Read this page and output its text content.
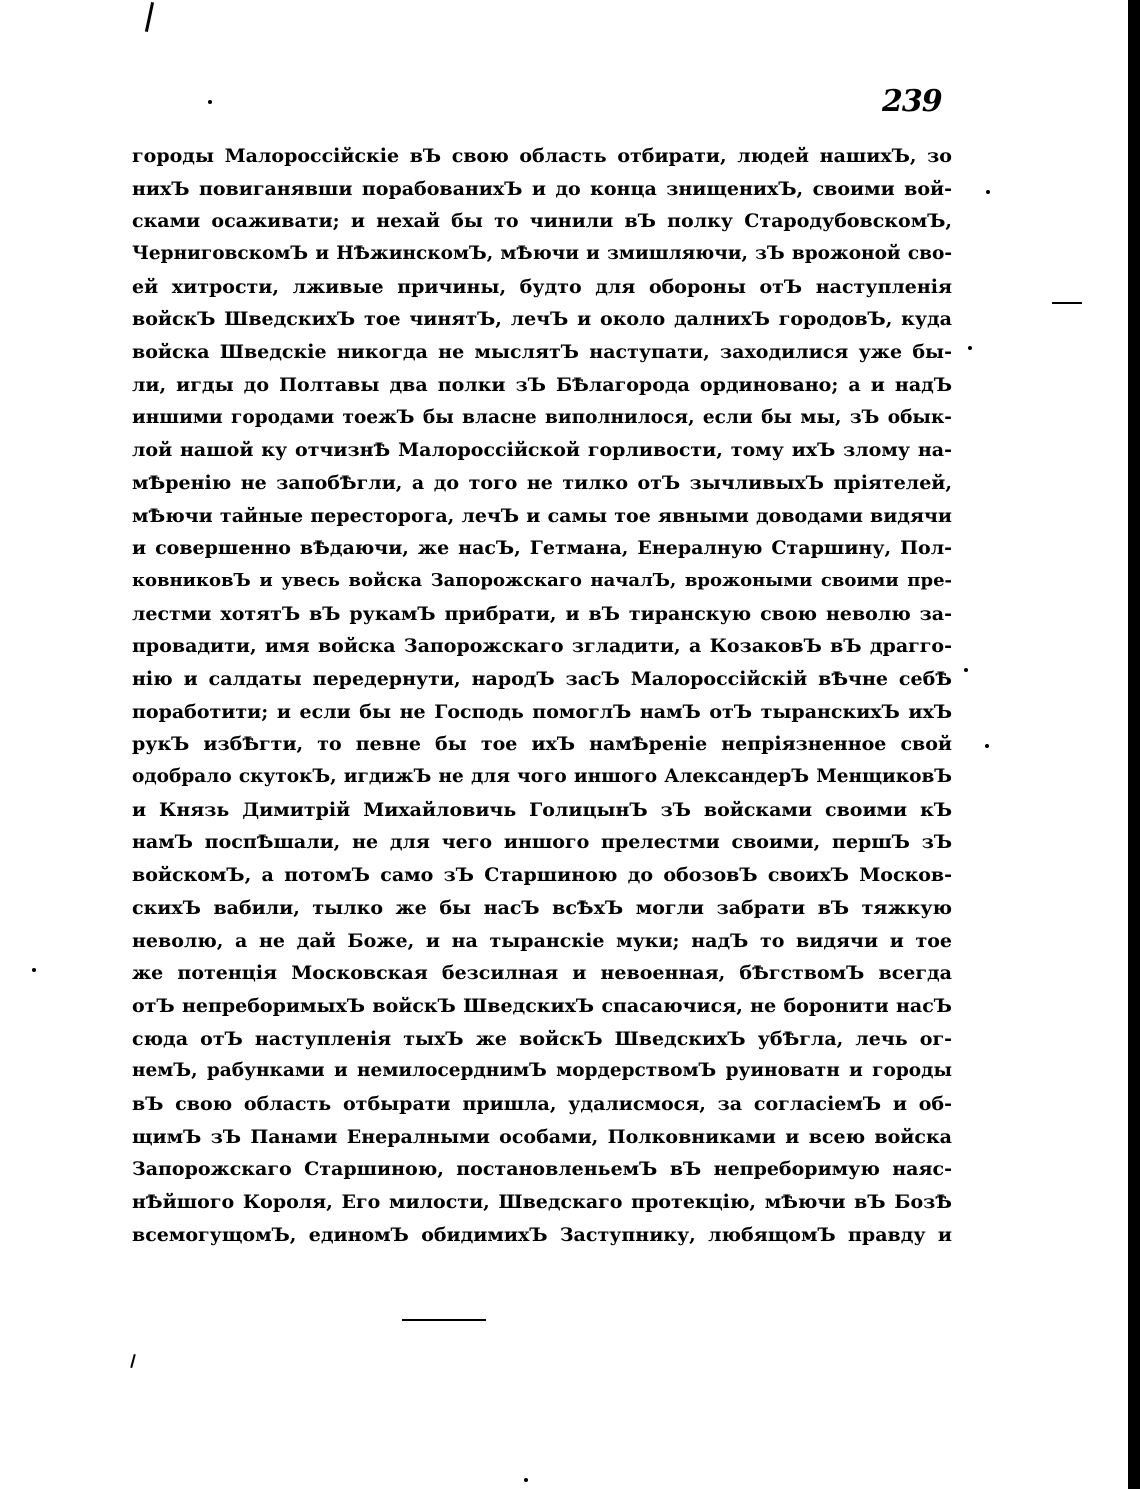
239
городы Малороссійскіе вЪ свою область отбирати, людей нашихЪ, зо
нихЪ повиганявши порабованихЪ и до конца знищенихЪ, своими вой-
сками осаживати; и нехай бы то чинили вЪ полку СтародубовскомЪ,
ЧерниговскомЪ и НѢжинскомЪ, мѢючи и змишляючи, зЪ врожоной сво-
ей хитрости, лживые причины, будто для обороны отЪ наступленія
войскЪ ШведскихЪ тое чинятЪ, лечЪ и около далнихЪ городовЪ, куда
войска Шведскіе никогда не мыслятЪ наступати, заходилися уже бы-
ли, игды до Полтавы два полки зЪ БѢлагорода ординовано; а и надЪ
иншими городами тоежЪ бы власне виполнилося, если бы мы, зЪ обык-
лой нашой ку отчизнѢ Малороссійской горливости, тому ихЪ злому на-
мѢренію не запобѢгли, а до того не тилко отЪ зычливыхЪ пріятелей,
мѢючи тайные пересторога, лечЪ и самы тое явными доводами видячи
и совершенно вѢдаючи, же насЪ, Гетмана, Енералную Старшину, Пол-
ковниковЪ и увесь войска Запорожскаго началЪ, врожоными своими пре-
лестми хотятЪ вЪ рукамЪ прибрати, и вЪ тиранскую свою неволю за-
провадити, имя войска Запорожскаго згладити, а КозаковЪ вЪ драгго-
нію и салдаты передернути, народЪ засЪ Малороссійскій вѢчне себѢ
поработити; и если бы не Господь помоглЪ намЪ отЪ тыранскихЪ ихЪ
рукЪ избѢгти, то певне бы тое ихЪ намѢреніе непріязненное свой
одобрало скутокЪ, игдижЪ не для чого иншого АлександерЪ МенщиковЪ
и Князь Димитрій Михайловичь ГолицынЪ зЪ войсками своими кЪ
намЪ поспѢшали, не для чего иншого прелестми своими, першЪ зЪ
войскомЪ, а потомЪ само зЪ Старшиною до обозовЪ своихЪ Москов-
скихЪ вабили, тылко же бы насЪ всѢхЪ могли забрати вЪ тяжкую
неволю, а не дай Боже, и на тыранскіе муки; надЪ то видячи и тое
же потенція Московская безсилная и невоенная, бѢгствомЪ всегда
отЪ непреборимыхЪ войскЪ ШведскихЪ спасаючися, не боронити насЪ
сюда отЪ наступленія тыхЪ же войскЪ ШведскихЪ убѢгла, лечь ог-
немЪ, рабунками и немилосерднимЪ мордерствомЪ руиноватн и городы
вЪ свою область отбырати пришла, удалисмося, за согласіемЪ и об-
щимЪ зЪ Панами Енералными особами, Полковниками и всею войска
Запорожскаго Старшиною, постановленьемЪ вЪ непреборимую наяс-
нѢйшого Короля, Его милости, Шведскаго протекцію, мѢючи вЪ БозѢ
всемогущомЪ, единомЪ обидимихЪ Заступнику, любящомЪ правду и
